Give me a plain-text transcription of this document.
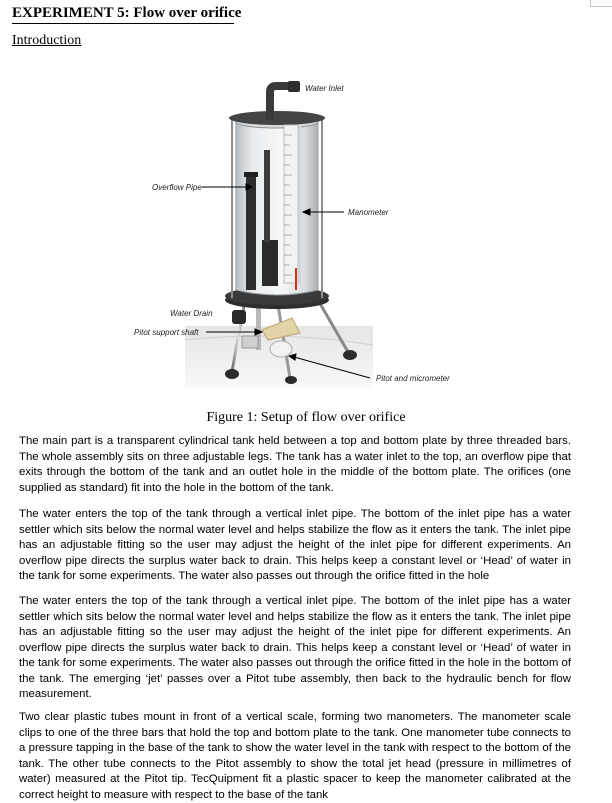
EXPERIMENT 5: Flow over orifice
Introduction
Water Inlet
Overflow Pipe
Manometer
Water Drain
Pitot support shaft
Pitot and micrometer
Figure 1: Setup of flow over orifice

The main part is a transparent cylindrical tank held between a top and bottom plate by three threaded bars. The whole assembly sits on three adjustable legs. The tank has a water inlet to the top, an overflow pipe that exits through the bottom of the tank and an outlet hole in the middle of the bottom plate. The orifices (one supplied as standard) fit into the hole in the bottom of the tank.

The water enters the top of the tank through a vertical inlet pipe. The bottom of the inlet pipe has a water settler which sits below the normal water level and helps stabilize the flow as it enters the tank. The inlet pipe has an adjustable fitting so the user may adjust the height of the inlet pipe for different experiments. An overflow pipe directs the surplus water back to drain. This helps keep a constant level or ‘Head’ of water in the tank for some experiments. The water also passes out through the orifice fitted in the hole

The water enters the top of the tank through a vertical inlet pipe. The bottom of the inlet pipe has a water settler which sits below the normal water level and helps stabilize the flow as it enters the tank. The inlet pipe has an adjustable fitting so the user may adjust the height of the inlet pipe for different experiments. An overflow pipe directs the surplus water back to drain. This helps keep a constant level or ‘Head’ of water in the tank for some experiments. The water also passes out through the orifice fitted in the hole in the bottom of the tank. The emerging ‘jet’ passes over a Pitot tube assembly, then back to the hydraulic bench for flow measurement.

Two clear plastic tubes mount in front of a vertical scale, forming two manometers. The manometer scale clips to one of the three bars that hold the top and bottom plate to the tank. One manometer tube connects to a pressure tapping in the base of the tank to show the water level in the tank with respect to the bottom of the tank. The other tube connects to the Pitot assembly to show the total jet head (pressure in millimetres of water) measured at the Pitot tip. TecQuipment fit a plastic spacer to keep the manometer calibrated at the correct height to measure with respect to the base of the tank
